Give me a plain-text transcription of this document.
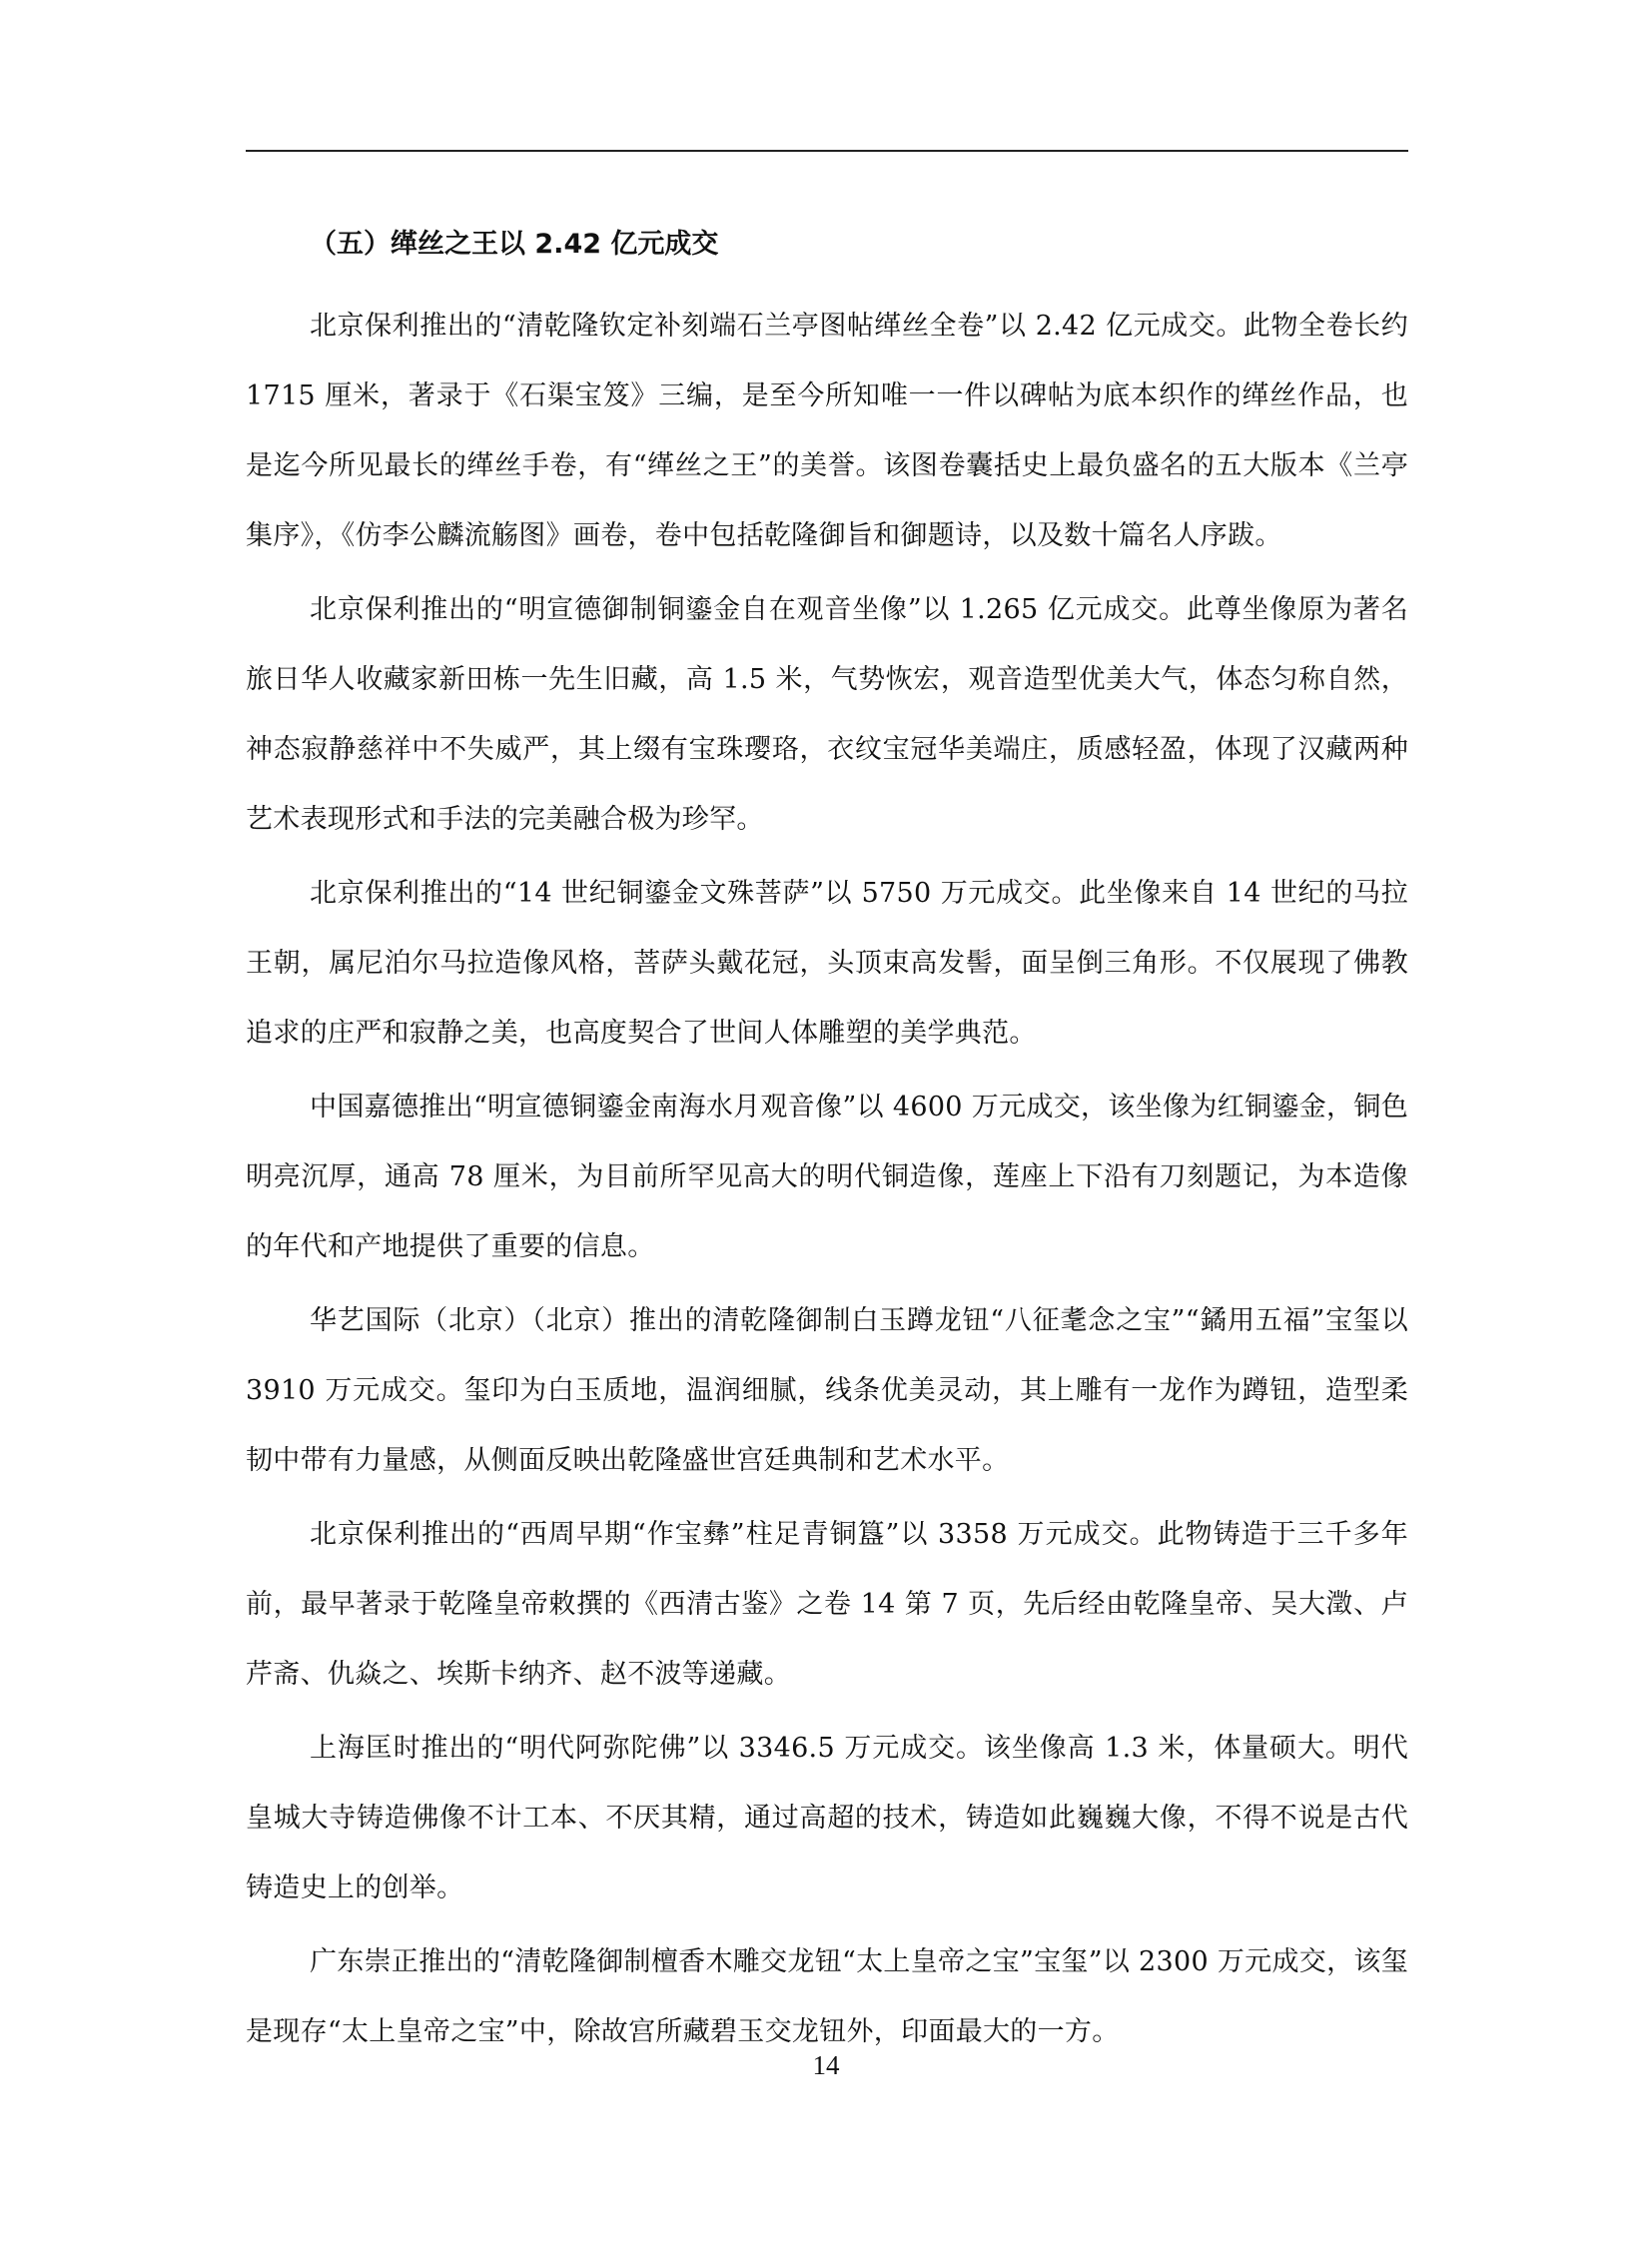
（五）缂丝之王以 2.42 亿元成交

北京保利推出的“清乾隆钦定补刻端石兰亭图帖缂丝全卷”以 2.42 亿元成交。此物全卷长约 1715 厘米，著录于《石渠宝笈》三编，是至今所知唯一一件以碑帖为底本织作的缂丝作品，也是迄今所见最长的缂丝手卷，有“缂丝之王”的美誉。该图卷囊括史上最负盛名的五大版本《兰亭集序》，《仿李公麟流觞图》画卷，卷中包括乾隆御旨和御题诗，以及数十篇名人序跋。

北京保利推出的“明宣德御制铜鎏金自在观音坐像”以 1.265 亿元成交。此尊坐像原为著名旅日华人收藏家新田栋一先生旧藏，高 1.5 米，气势恢宏，观音造型优美大气，体态匀称自然，神态寂静慈祥中不失威严，其上缀有宝珠璎珞，衣纹宝冠华美端庄，质感轻盈，体现了汉藏两种艺术表现形式和手法的完美融合极为珍罕。

北京保利推出的“14 世纪铜鎏金文殊菩萨”以 5750 万元成交。此坐像来自 14 世纪的马拉王朝，属尼泊尔马拉造像风格，菩萨头戴花冠，头顶束高发髻，面呈倒三角形。不仅展现了佛教追求的庄严和寂静之美，也高度契合了世间人体雕塑的美学典范。

中国嘉德推出“明宣德铜鎏金南海水月观音像”以 4600 万元成交，该坐像为红铜鎏金，铜色明亮沉厚，通高 78 厘米，为目前所罕见高大的明代铜造像，莲座上下沿有刀刻题记，为本造像的年代和产地提供了重要的信息。

华艺国际（北京）（北京）推出的清乾隆御制白玉蹲龙钮“八征耄念之宝”“鐍用五福”宝玺以 3910 万元成交。玺印为白玉质地，温润细腻，线条优美灵动，其上雕有一龙作为蹲钮，造型柔韧中带有力量感，从侧面反映出乾隆盛世宫廷典制和艺术水平。

北京保利推出的“西周早期“作宝彝”柱足青铜簋”以 3358 万元成交。此物铸造于三千多年前，最早著录于乾隆皇帝敕撰的《西清古鉴》之卷 14 第 7 页，先后经由乾隆皇帝、吴大澂、卢芹斋、仇焱之、埃斯卡纳齐、赵不波等递藏。

上海匡时推出的“明代阿弥陀佛”以 3346.5 万元成交。该坐像高 1.3 米，体量硕大。明代皇城大寺铸造佛像不计工本、不厌其精，通过高超的技术，铸造如此巍巍大像，不得不说是古代铸造史上的创举。

广东崇正推出的“清乾隆御制檀香木雕交龙钮“太上皇帝之宝”宝玺”以 2300 万元成交，该玺是现存“太上皇帝之宝”中，除故宫所藏碧玉交龙钮外，印面最大的一方。

14
